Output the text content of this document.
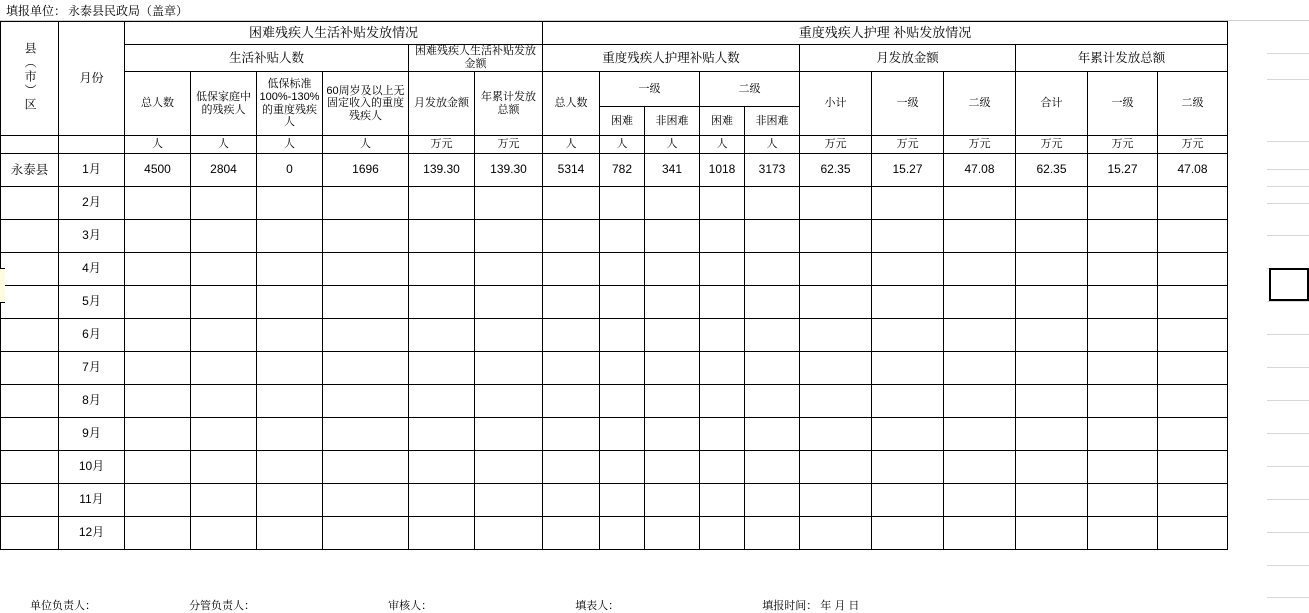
填报单位： 永泰县民政局（盖章）
县（市）区	月份	困难残疾人生活补贴发放情况						重度残疾人护理 补贴发放情况										
		生活补贴人数				困难残疾人生活补贴发放金额		重度残疾人护理补贴人数					月发放金额			年累计发放总额		
		总人数	低保家庭中的残疾人	低保标准100%-130%的重度残疾人	60周岁及以上无固定收入的重度残疾人	月发放金额	年累计发放总额	总人数	一级		二级		小计	一级	二级	合计	一级	二级
									困难	非困难	困难	非困难						
		人	人	人	人	万元	万元	人	人	人	人	人	万元	万元	万元	万元	万元	万元
永泰县	1月	4500	2804	0	1696	139.30	139.30	5314	782	341	1018	3173	62.35	15.27	47.08	62.35	15.27	47.08
	2月																	
	3月																	
	4月																	
	5月																	
	6月																	
	7月																	
	8月																	
	9月																	
	10月																	
	11月																	
	12月																	
单位负责人：	分管负责人：	审核人：	填表人：	填报时间： 年 月 日
